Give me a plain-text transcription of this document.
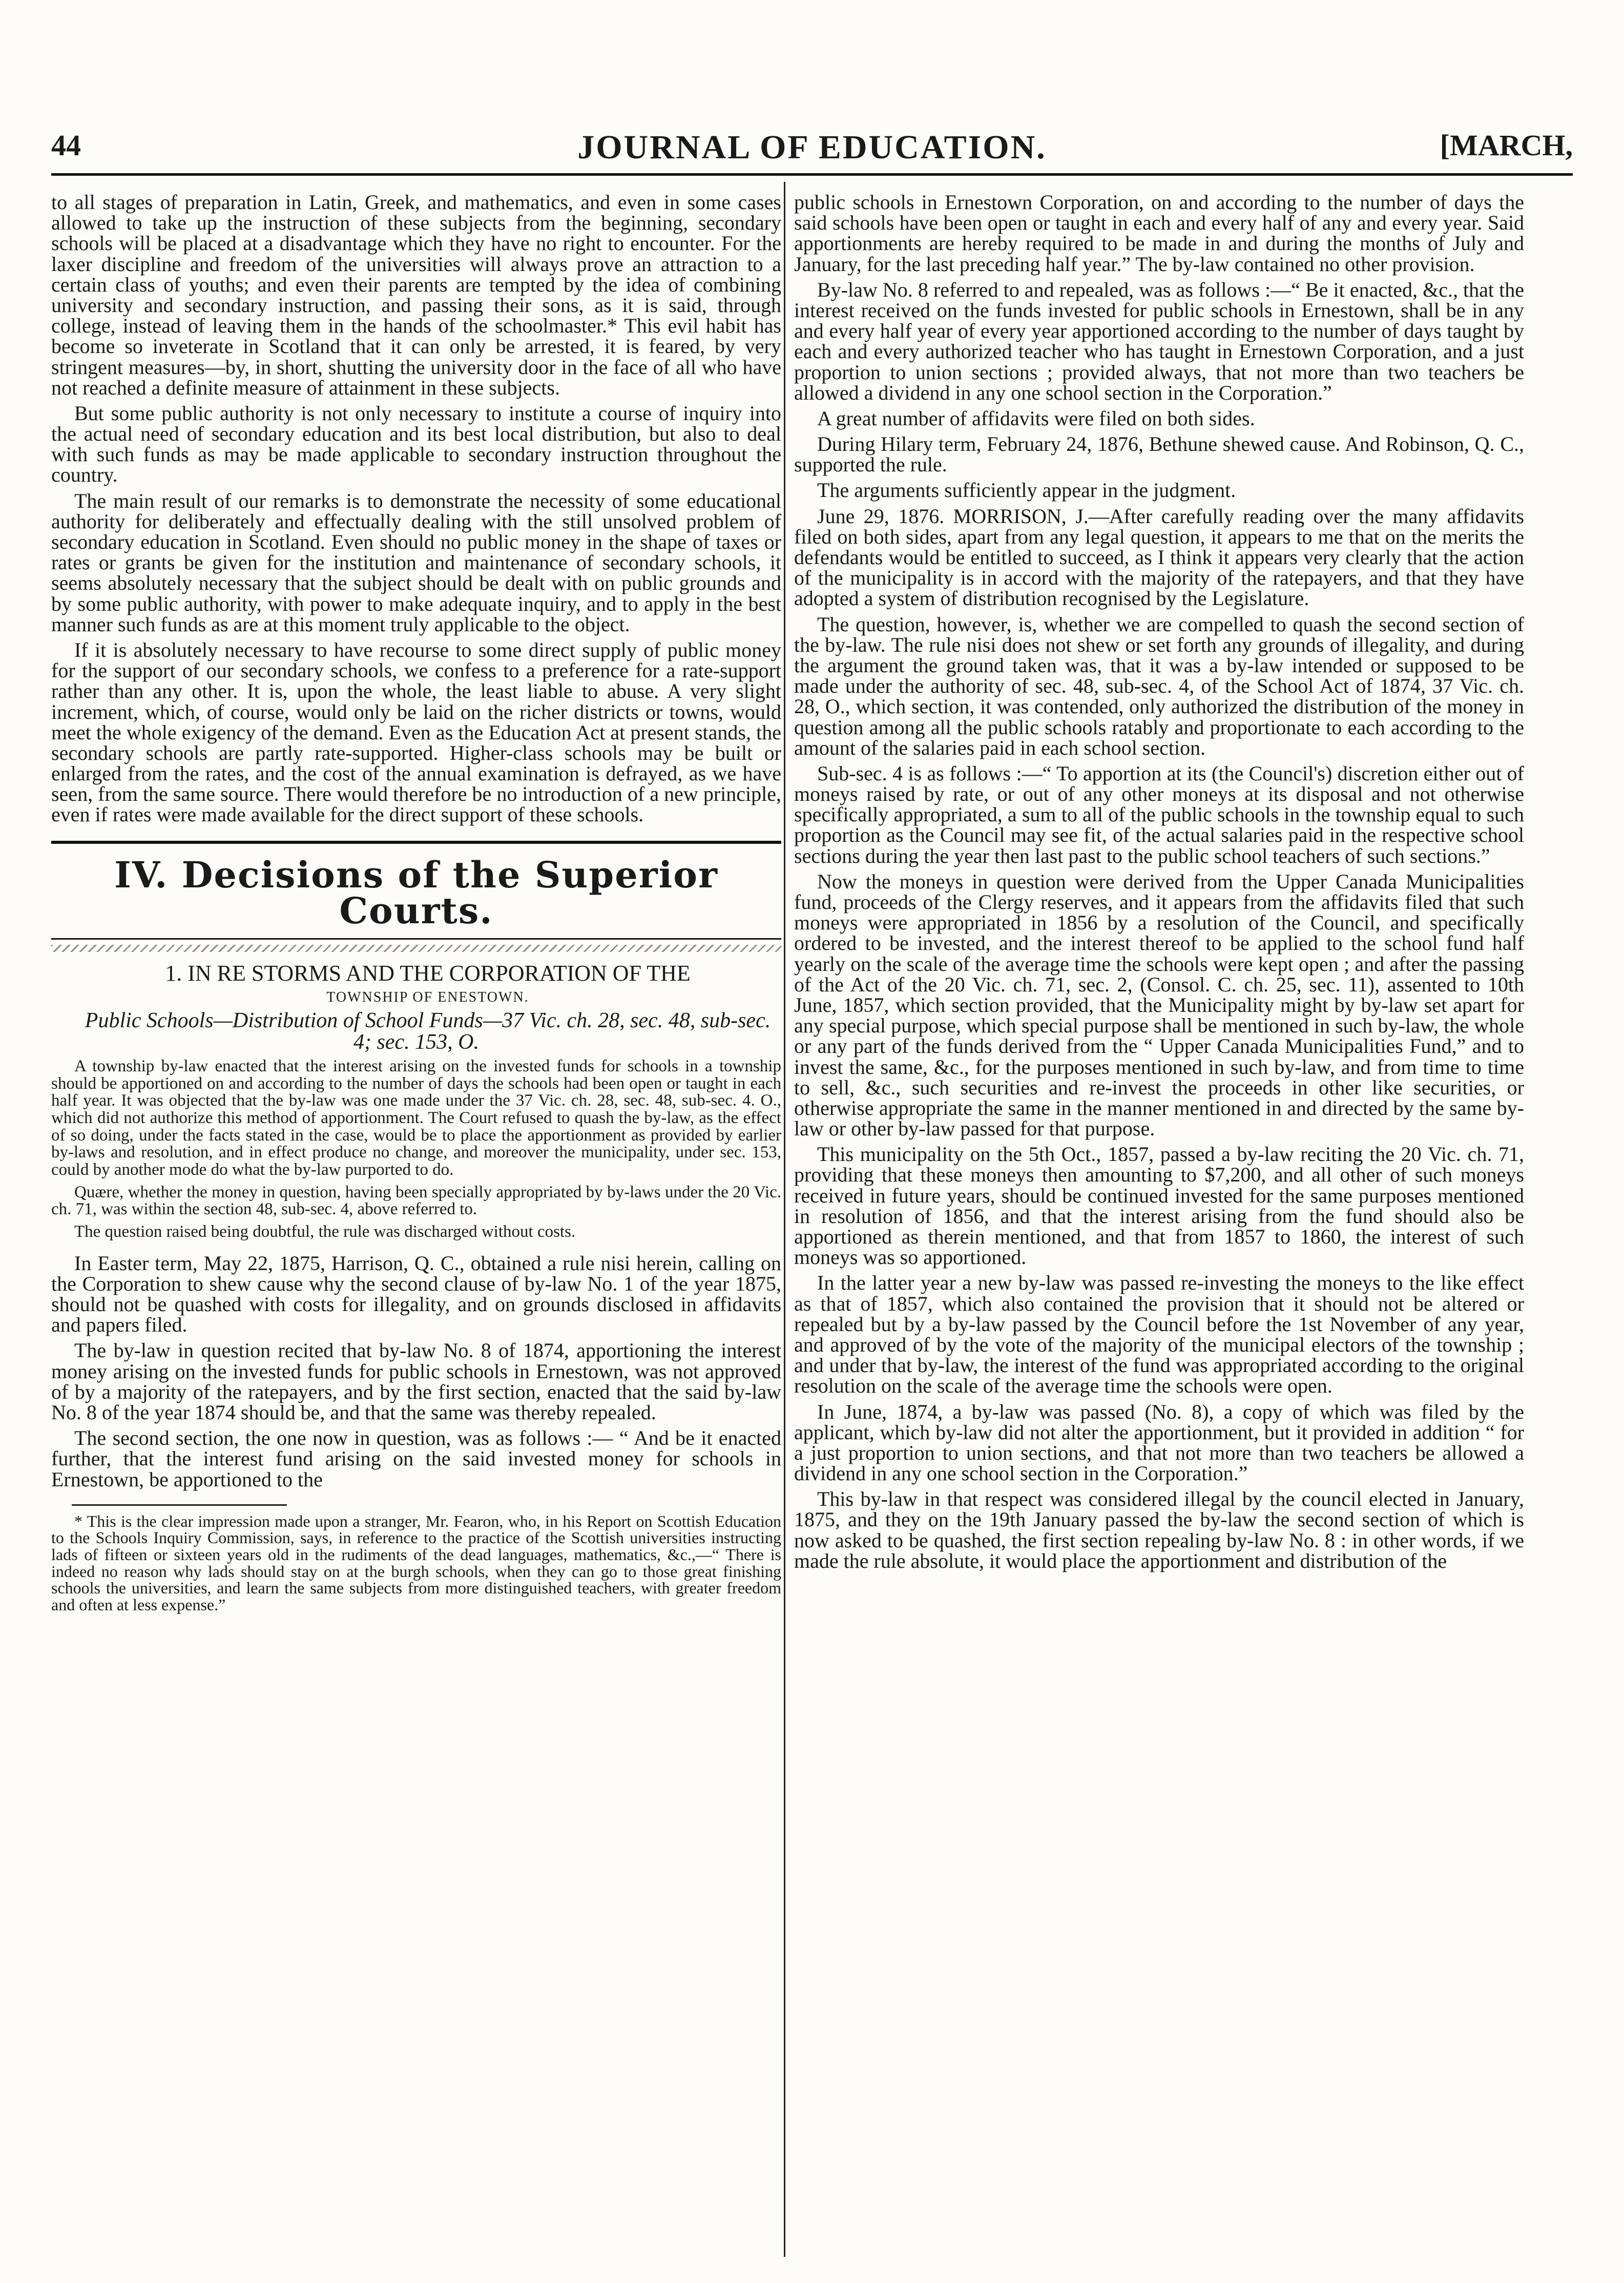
44	JOURNAL OF EDUCATION.	[MARCH,

to all stages of preparation in Latin, Greek, and mathematics, and even in some cases allowed to take up the instruction of these subjects from the beginning, secondary schools will be placed at a disadvantage which they have no right to encounter. For the laxer discipline and freedom of the universities will always prove an attraction to a certain class of youths; and even their parents are tempted by the idea of combining university and secondary instruction, and passing their sons, as it is said, through college, instead of leaving them in the hands of the schoolmaster.* This evil habit has become so inveterate in Scotland that it can only be arrested, it is feared, by very stringent measures—by, in short, shutting the university door in the face of all who have not reached a definite measure of attainment in these subjects.

But some public authority is not only necessary to institute a course of inquiry into the actual need of secondary education and its best local distribution, but also to deal with such funds as may be made applicable to secondary instruction throughout the country.

The main result of our remarks is to demonstrate the necessity of some educational authority for deliberately and effectually dealing with the still unsolved problem of secondary education in Scotland. Even should no public money in the shape of taxes or rates or grants be given for the institution and maintenance of secondary schools, it seems absolutely necessary that the subject should be dealt with on public grounds and by some public authority, with power to make adequate inquiry, and to apply in the best manner such funds as are at this moment truly applicable to the object.

If it is absolutely necessary to have recourse to some direct supply of public money for the support of our secondary schools, we confess to a preference for a rate-support rather than any other. It is, upon the whole, the least liable to abuse. A very slight increment, which, of course, would only be laid on the richer districts or towns, would meet the whole exigency of the demand. Even as the Education Act at present stands, the secondary schools are partly rate-supported. Higher-class schools may be built or enlarged from the rates, and the cost of the annual examination is defrayed, as we have seen, from the same source. There would therefore be no introduction of a new principle, even if rates were made available for the direct support of these schools.

IV. Decisions of the Superior Courts.

1. IN RE STORMS AND THE CORPORATION OF THE

TOWNSHIP OF ENESTOWN.

Public Schools—Distribution of School Funds—37 Vic. ch. 28, sec. 48, sub-sec. 4; sec. 153, O.

A township by-law enacted that the interest arising on the invested funds for schools in a township should be apportioned on and according to the number of days the schools had been open or taught in each half year. It was objected that the by-law was one made under the 37 Vic. ch. 28, sec. 48, sub-sec. 4. O., which did not authorize this method of apportionment. The Court refused to quash the by-law, as the effect of so doing, under the facts stated in the case, would be to place the apportionment as provided by earlier by-laws and resolution, and in effect produce no change, and moreover the municipality, under sec. 153, could by another mode do what the by-law purported to do.

Quære, whether the money in question, having been specially appropriated by by-laws under the 20 Vic. ch. 71, was within the section 48, sub-sec. 4, above referred to.

The question raised being doubtful, the rule was discharged without costs.

In Easter term, May 22, 1875, Harrison, Q. C., obtained a rule nisi herein, calling on the Corporation to shew cause why the second clause of by-law No. 1 of the year 1875, should not be quashed with costs for illegality, and on grounds disclosed in affidavits and papers filed.

The by-law in question recited that by-law No. 8 of 1874, apportioning the interest money arising on the invested funds for public schools in Ernestown, was not approved of by a majority of the ratepayers, and by the first section, enacted that the said by-law No. 8 of the year 1874 should be, and that the same was thereby repealed.

The second section, the one now in question, was as follows :— “ And be it enacted further, that the interest fund arising on the said invested money for schools in Ernestown, be apportioned to the

* This is the clear impression made upon a stranger, Mr. Fearon, who, in his Report on Scottish Education to the Schools Inquiry Commission, says, in reference to the practice of the Scottish universities instructing lads of fifteen or sixteen years old in the rudiments of the dead languages, mathematics, &c.,—“ There is indeed no reason why lads should stay on at the burgh schools, when they can go to those great finishing schools the universities, and learn the same subjects from more distinguished teachers, with greater freedom and often at less expense.”

public schools in Ernestown Corporation, on and according to the number of days the said schools have been open or taught in each and every half of any and every year. Said apportionments are hereby required to be made in and during the months of July and January, for the last preceding half year.” The by-law contained no other provision.

By-law No. 8 referred to and repealed, was as follows :—“ Be it enacted, &c., that the interest received on the funds invested for public schools in Ernestown, shall be in any and every half year of every year apportioned according to the number of days taught by each and every authorized teacher who has taught in Ernestown Corporation, and a just proportion to union sections ; provided always, that not more than two teachers be allowed a dividend in any one school section in the Corporation.”

A great number of affidavits were filed on both sides.

During Hilary term, February 24, 1876, Bethune shewed cause. And Robinson, Q. C., supported the rule.

The arguments sufficiently appear in the judgment.

June 29, 1876. MORRISON, J.—After carefully reading over the many affidavits filed on both sides, apart from any legal question, it appears to me that on the merits the defendants would be entitled to succeed, as I think it appears very clearly that the action of the municipality is in accord with the majority of the ratepayers, and that they have adopted a system of distribution recognised by the Legislature.

The question, however, is, whether we are compelled to quash the second section of the by-law. The rule nisi does not shew or set forth any grounds of illegality, and during the argument the ground taken was, that it was a by-law intended or supposed to be made under the authority of sec. 48, sub-sec. 4, of the School Act of 1874, 37 Vic. ch. 28, O., which section, it was contended, only authorized the distribution of the money in question among all the public schools ratably and proportionate to each according to the amount of the salaries paid in each school section.

Sub-sec. 4 is as follows :—“ To apportion at its (the Council's) discretion either out of moneys raised by rate, or out of any other moneys at its disposal and not otherwise specifically appropriated, a sum to all of the public schools in the township equal to such proportion as the Council may see fit, of the actual salaries paid in the respective school sections during the year then last past to the public school teachers of such sections.”

Now the moneys in question were derived from the Upper Canada Municipalities fund, proceeds of the Clergy reserves, and it appears from the affidavits filed that such moneys were appropriated in 1856 by a resolution of the Council, and specifically ordered to be invested, and the interest thereof to be applied to the school fund half yearly on the scale of the average time the schools were kept open ; and after the passing of the Act of the 20 Vic. ch. 71, sec. 2, (Consol. C. ch. 25, sec. 11), assented to 10th June, 1857, which section provided, that the Municipality might by by-law set apart for any special purpose, which special purpose shall be mentioned in such by-law, the whole or any part of the funds derived from the “ Upper Canada Municipalities Fund,” and to invest the same, &c., for the purposes mentioned in such by-law, and from time to time to sell, &c., such securities and re-invest the proceeds in other like securities, or otherwise appropriate the same in the manner mentioned in and directed by the same by-law or other by-law passed for that purpose.

This municipality on the 5th Oct., 1857, passed a by-law reciting the 20 Vic. ch. 71, providing that these moneys then amounting to $7,200, and all other of such moneys received in future years, should be continued invested for the same purposes mentioned in resolution of 1856, and that the interest arising from the fund should also be apportioned as therein mentioned, and that from 1857 to 1860, the interest of such moneys was so apportioned.

In the latter year a new by-law was passed re-investing the moneys to the like effect as that of 1857, which also contained the provision that it should not be altered or repealed but by a by-law passed by the Council before the 1st November of any year, and approved of by the vote of the majority of the municipal electors of the township ; and under that by-law, the interest of the fund was appropriated according to the original resolution on the scale of the average time the schools were open.

In June, 1874, a by-law was passed (No. 8), a copy of which was filed by the applicant, which by-law did not alter the apportionment, but it provided in addition “ for a just proportion to union sections, and that not more than two teachers be allowed a dividend in any one school section in the Corporation.”

This by-law in that respect was considered illegal by the council elected in January, 1875, and they on the 19th January passed the by-law the second section of which is now asked to be quashed, the first section repealing by-law No. 8 : in other words, if we made the rule absolute, it would place the apportionment and distribution of the
